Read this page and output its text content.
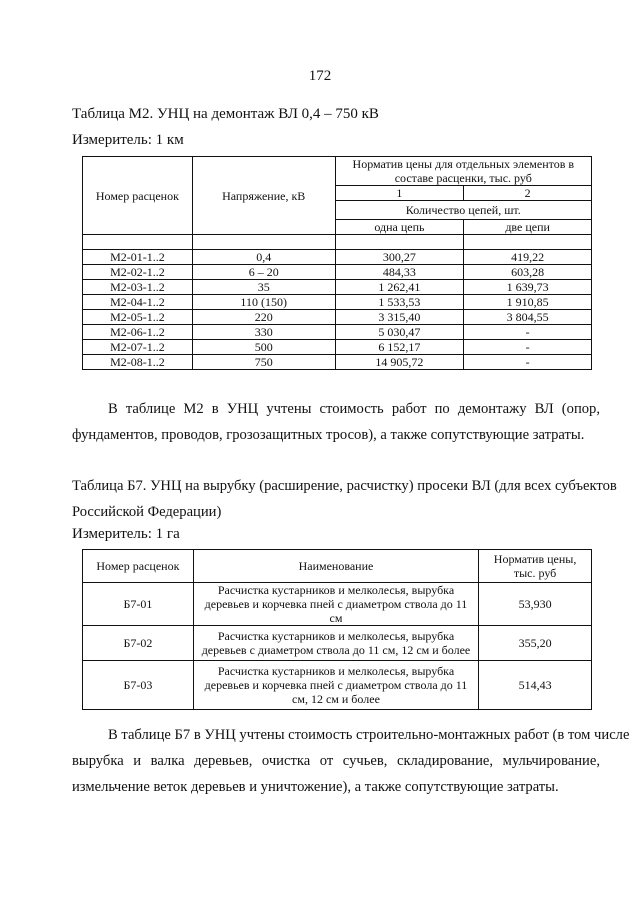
172
Таблица М2. УНЦ на демонтаж ВЛ 0,4 – 750 кВ
Измеритель: 1 км
Номер расценок	Напряжение, кВ	Норматив цены для отдельных элементов в составе расценки, тыс. руб	
		1	2
		Количество цепей, шт.	
		одна цепь	две цепи

М2-01-1..2	0,4	300,27	419,22
М2-02-1..2	6 – 20	484,33	603,28
М2-03-1..2	35	1 262,41	1 639,73
М2-04-1..2	110 (150)	1 533,53	1 910,85
М2-05-1..2	220	3 315,40	3 804,55
М2-06-1..2	330	5 030,47	-
М2-07-1..2	500	6 152,17	-
М2-08-1..2	750	14 905,72	-
В таблице М2 в УНЦ учтены стоимость работ по демонтажу ВЛ (опор,
фундаментов, проводов, грозозащитных тросов), а также сопутствующие затраты.
Таблица Б7. УНЦ на вырубку (расширение, расчистку) просеки ВЛ (для всех субъектов
Российской Федерации)
Измеритель: 1 га
Номер расценок	Наименование	Норматив цены, тыс. руб
Б7-01	Расчистка кустарников и мелколесья, вырубка деревьев и корчевка пней с диаметром ствола до 11 см	53,930
Б7-02	Расчистка кустарников и мелколесья, вырубка деревьев с диаметром ствола до 11 см, 12 см и более	355,20
Б7-03	Расчистка кустарников и мелколесья, вырубка деревьев и корчевка пней с диаметром ствола до 11 см, 12 см и более	514,43
В таблице Б7 в УНЦ учтены стоимость строительно-монтажных работ (в том числе
вырубка и валка деревьев, очистка от сучьев, складирование, мульчирование,
измельчение веток деревьев и уничтожение), а также сопутствующие затраты.
